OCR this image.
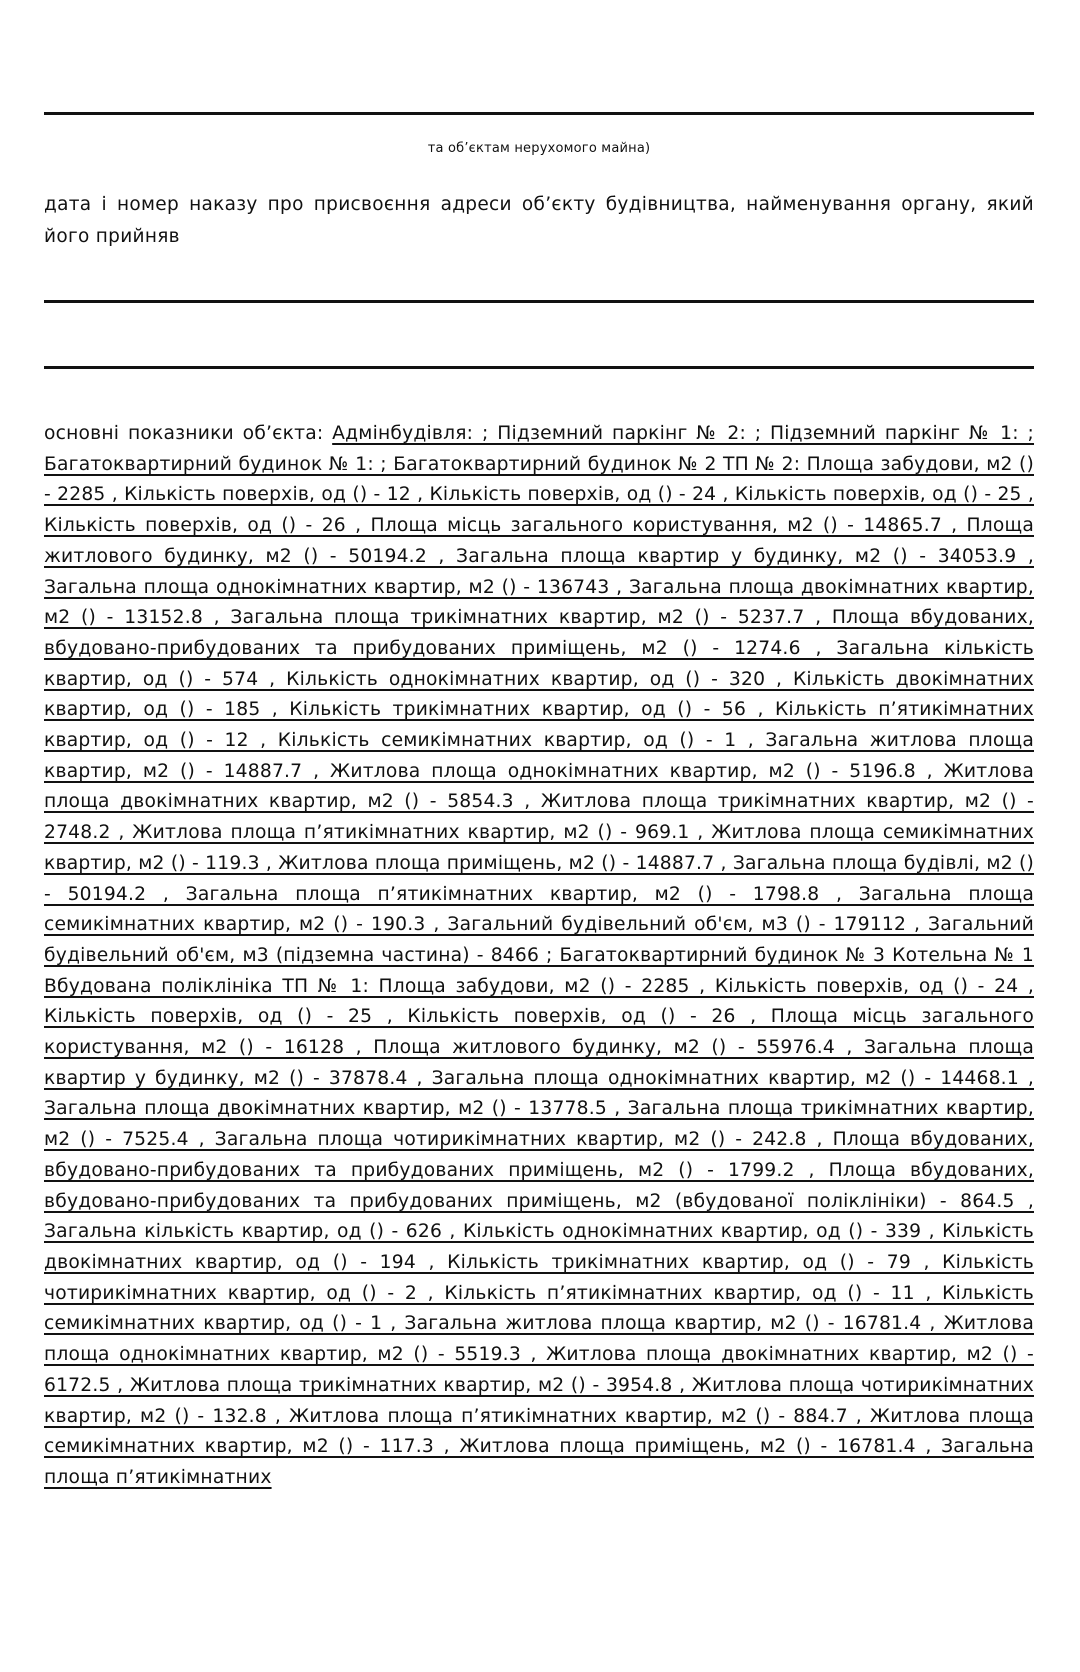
та об’єктам нерухомого майна)
дата і номер наказу про присвоєння адреси об’єкту будівництва, найменування органу, який його прийняв
основні показники об’єкта: Адмінбудівля: ; Підземний паркінг № 2: ; Підземний паркінг № 1: ; Багатоквартирний будинок № 1: ; Багатоквартирний будинок № 2 ТП № 2: Площа забудови, м2 () - 2285 , Кількість поверхів, од () - 12 , Кількість поверхів, од () - 24 , Кількість поверхів, од () - 25 , Кількість поверхів, од () - 26 , Площа місць загального користування, м2 () - 14865.7 , Площа житлового будинку, м2 () - 50194.2 , Загальна площа квартир у будинку, м2 () - 34053.9 , Загальна площа однокімнатних квартир, м2 () - 136743 , Загальна площа двокімнатних квартир, м2 () - 13152.8 , Загальна площа трикімнатних квартир, м2 () - 5237.7 , Площа вбудованих, вбудовано-прибудованих та прибудованих приміщень, м2 () - 1274.6 , Загальна кількість квартир, од () - 574 , Кількість однокімнатних квартир, од () - 320 , Кількість двокімнатних квартир, од () - 185 , Кількість трикімнатних квартир, од () - 56 , Кількість п’ятикімнатних квартир, од () - 12 , Кількість семикімнатних квартир, од () - 1 , Загальна житлова площа квартир, м2 () - 14887.7 , Житлова площа однокімнатних квартир, м2 () - 5196.8 , Житлова площа двокімнатних квартир, м2 () - 5854.3 , Житлова площа трикімнатних квартир, м2 () - 2748.2 , Житлова площа п’ятикімнатних квартир, м2 () - 969.1 , Житлова площа семикімнатних квартир, м2 () - 119.3 , Житлова площа приміщень, м2 () - 14887.7 , Загальна площа будівлі, м2 () - 50194.2 , Загальна площа п’ятикімнатних квартир, м2 () - 1798.8 , Загальна площа семикімнатних квартир, м2 () - 190.3 , Загальний будівельний об'єм, м3 () - 179112 , Загальний будівельний об'єм, м3 (підземна частина) - 8466 ; Багатоквартирний будинок № 3 Котельна № 1 Вбудована поліклініка ТП № 1: Площа забудови, м2 () - 2285 , Кількість поверхів, од () - 24 , Кількість поверхів, од () - 25 , Кількість поверхів, од () - 26 , Площа місць загального користування, м2 () - 16128 , Площа житлового будинку, м2 () - 55976.4 , Загальна площа квартир у будинку, м2 () - 37878.4 , Загальна площа однокімнатних квартир, м2 () - 14468.1 , Загальна площа двокімнатних квартир, м2 () - 13778.5 , Загальна площа трикімнатних квартир, м2 () - 7525.4 , Загальна площа чотирикімнатних квартир, м2 () - 242.8 , Площа вбудованих, вбудовано-прибудованих та прибудованих приміщень, м2 () - 1799.2 , Площа вбудованих, вбудовано-прибудованих та прибудованих приміщень, м2 (вбудованої поліклініки) - 864.5 , Загальна кількість квартир, од () - 626 , Кількість однокімнатних квартир, од () - 339 , Кількість двокімнатних квартир, од () - 194 , Кількість трикімнатних квартир, од () - 79 , Кількість чотирикімнатних квартир, од () - 2 , Кількість п’ятикімнатних квартир, од () - 11 , Кількість семикімнатних квартир, од () - 1 , Загальна житлова площа квартир, м2 () - 16781.4 , Житлова площа однокімнатних квартир, м2 () - 5519.3 , Житлова площа двокімнатних квартир, м2 () - 6172.5 , Житлова площа трикімнатних квартир, м2 () - 3954.8 , Житлова площа чотирикімнатних квартир, м2 () - 132.8 , Житлова площа п’ятикімнатних квартир, м2 () - 884.7 , Житлова площа семикімнатних квартир, м2 () - 117.3 , Житлова площа приміщень, м2 () - 16781.4 , Загальна площа п’ятикімнатних
